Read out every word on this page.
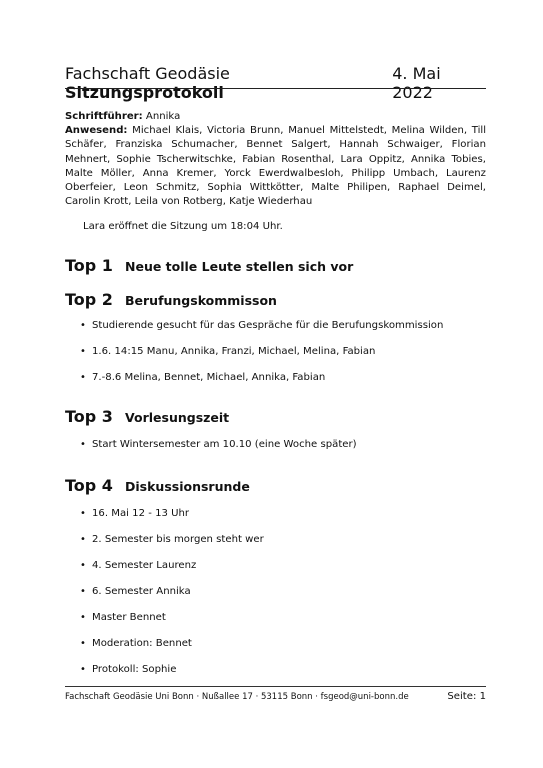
Fachschaft Geodäsie Sitzungsprotokoll
4. Mai 2022
Schriftführer: Annika
Anwesend: Michael Klais, Victoria Brunn, Manuel Mittelstedt, Melina Wilden, Till Schäfer, Franziska Schumacher, Bennet Salgert, Hannah Schwaiger, Florian Mehnert, Sophie Tscherwitschke, Fabian Rosenthal, Lara Oppitz, Annika Tobies, Malte Möller, Anna Kremer, Yorck Ewerdwalbesloh, Philipp Umbach, Laurenz Oberfeier, Leon Schmitz, Sophia Wittkötter, Malte Philipen, Raphael Deimel, Carolin Krott, Leila von Rotberg, Katje Wiederhau
Lara eröffnet die Sitzung um 18:04 Uhr.
Top 1 Neue tolle Leute stellen sich vor
Top 2 Berufungskommisson
• Studierende gesucht für das Gespräche für die Berufungskommission
• 1.6. 14:15 Manu, Annika, Franzi, Michael, Melina, Fabian
• 7.-8.6 Melina, Bennet, Michael, Annika, Fabian
Top 3 Vorlesungszeit
• Start Wintersemester am 10.10 (eine Woche später)
Top 4 Diskussionsrunde
• 16. Mai 12 - 13 Uhr
• 2. Semester bis morgen steht wer
• 4. Semester Laurenz
• 6. Semester Annika
• Master Bennet
• Moderation: Bennet
• Protokoll: Sophie
Fachschaft Geodäsie Uni Bonn · Nußallee 17 · 53115 Bonn · fsgeod@uni-bonn.de	Seite: 1
